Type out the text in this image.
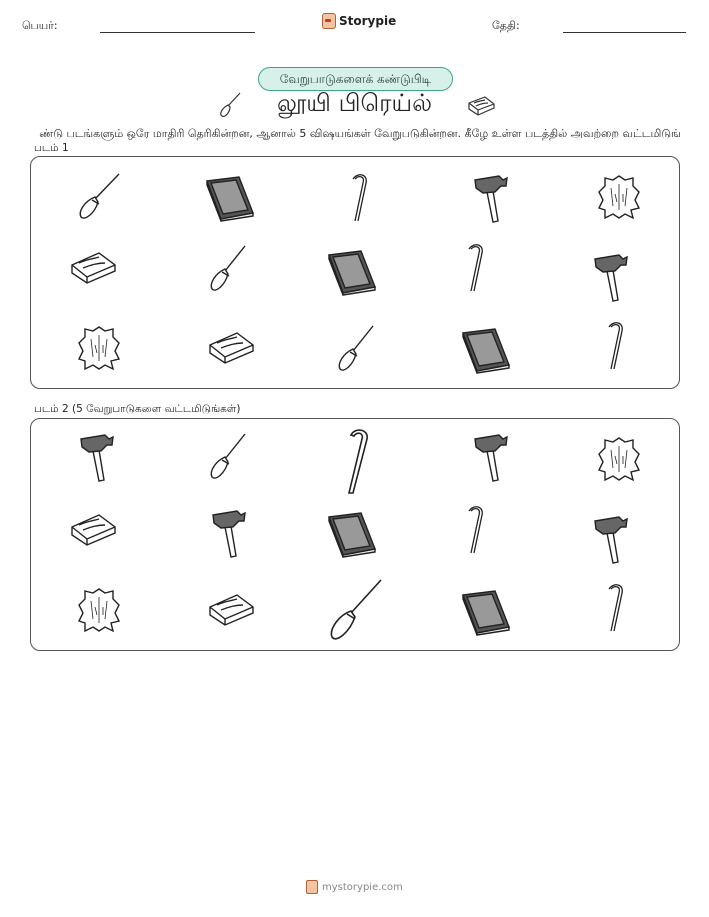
பெயர்:	Storypie	தேதி:
வேறுபாடுகளைக் கண்டுபிடி
லூயி பிரெய்ல்
ண்டு படங்களும் ஒரே மாதிரி தெரிகின்றன, ஆனால் 5 விஷயங்கள் வேறுபடுகின்றன. கீழே உள்ள படத்தில் அவற்றை வட்டமிடுங்
படம் 1
படம் 2 (5 வேறுபாடுகளை வட்டமிடுங்கள்)
mystorypie.com
